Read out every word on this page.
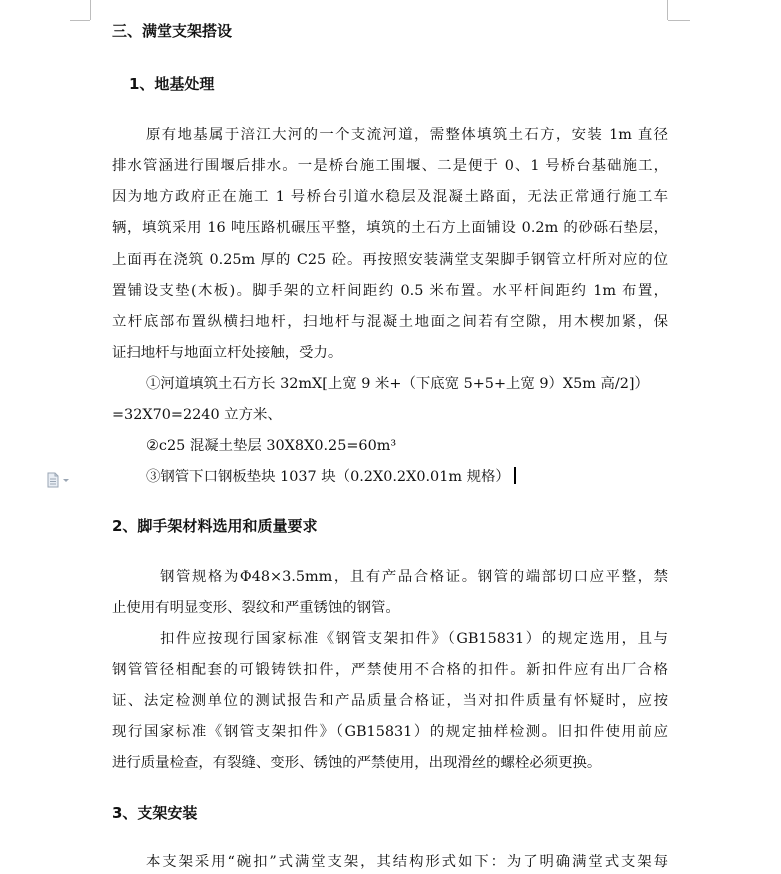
三、满堂支架搭设
1、地基处理
原有地基属于涪江大河的一个支流河道，需整体填筑土石方，安装 1m 直径
排水管涵进行围堰后排水。一是桥台施工围堰、二是便于 0、1 号桥台基础施工，
因为地方政府正在施工 1 号桥台引道水稳层及混凝土路面，无法正常通行施工车
辆，填筑采用 16 吨压路机碾压平整，填筑的土石方上面铺设 0.2m 的砂砾石垫层，
上面再在浇筑 0.25m 厚的 C25 砼。再按照安装满堂支架脚手钢管立杆所对应的位
置铺设支垫(木板)。脚手架的立杆间距约 0.5 米布置。水平杆间距约 1m 布置，
立杆底部布置纵横扫地杆，扫地杆与混凝土地面之间若有空隙，用木楔加紧，保
证扫地杆与地面立杆处接触，受力。
①河道填筑土石方长 32mX[上宽 9 米+（下底宽 5+5+上宽 9）X5m 高/2]）
=32X70=2240 立方米、
②c25 混凝土垫层 30X8X0.25=60m³
③钢管下口钢板垫块 1037 块（0.2X0.2X0.01m 规格）
2、脚手架材料选用和质量要求
钢管规格为Φ48×3.5mm，且有产品合格证。钢管的端部切口应平整，禁
止使用有明显变形、裂纹和严重锈蚀的钢管。
扣件应按现行国家标准《钢管支架扣件》（GB15831）的规定选用，且与
钢管管径相配套的可锻铸铁扣件，严禁使用不合格的扣件。新扣件应有出厂合格
证、法定检测单位的测试报告和产品质量合格证，当对扣件质量有怀疑时，应按
现行国家标准《钢管支架扣件》（GB15831）的规定抽样检测。旧扣件使用前应
进行质量检查，有裂缝、变形、锈蚀的严禁使用，出现滑丝的螺栓必须更换。
3、支架安装
本支架采用“碗扣”式满堂支架，其结构形式如下：为了明确满堂式支架每
